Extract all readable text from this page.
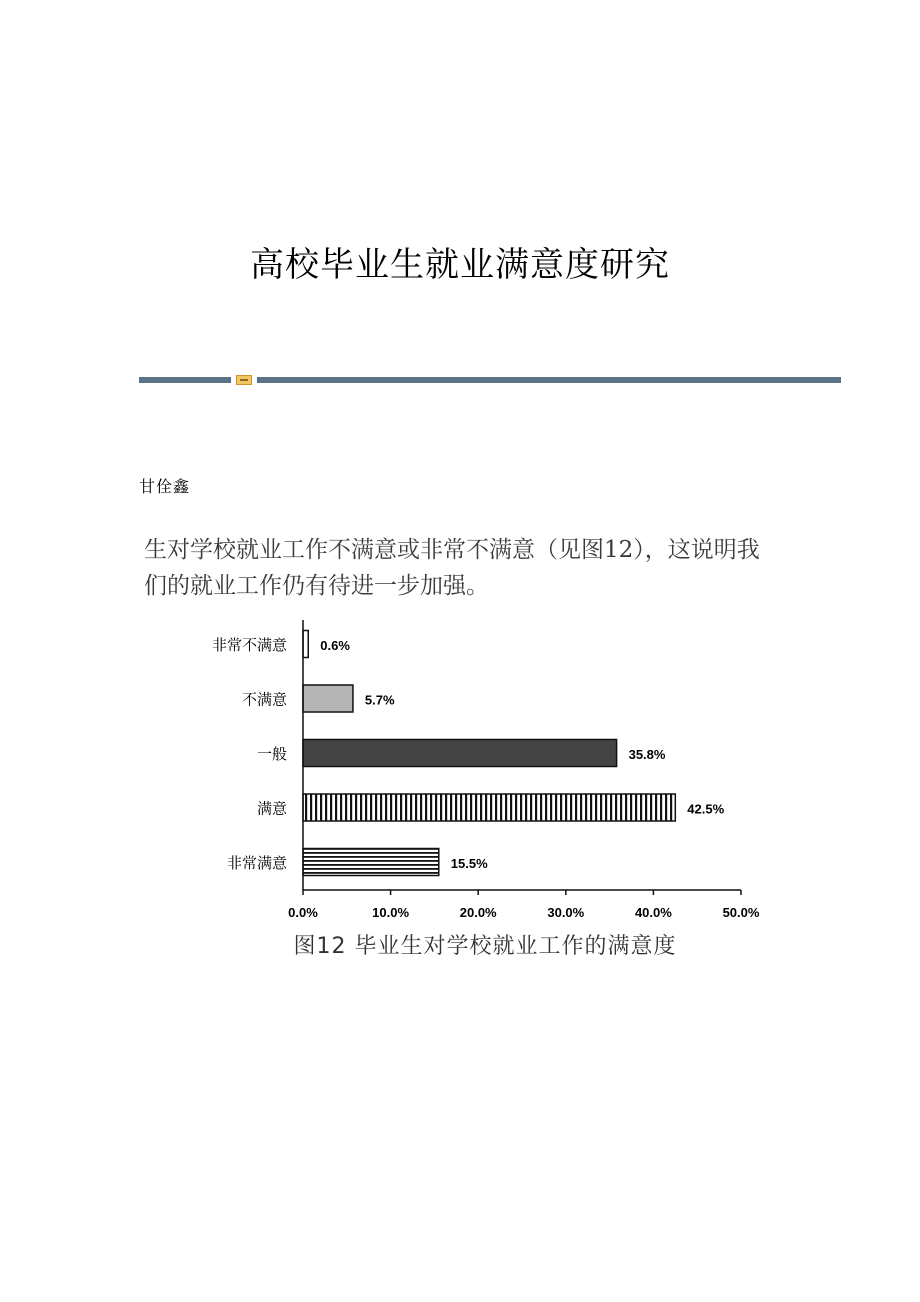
高校毕业生就业满意度研究
甘佺鑫

生对学校就业工作不满意或非常不满意（见图12），这说明我

们的就业工作仍有待进一步加强。

非常不满意	0.6%
不满意	5.7%
一般	35.8%
满意	42.5%
非常满意	15.5%
0.0%	10.0%	20.0%	30.0%	40.0%	50.0%
图12 毕业生对学校就业工作的满意度
